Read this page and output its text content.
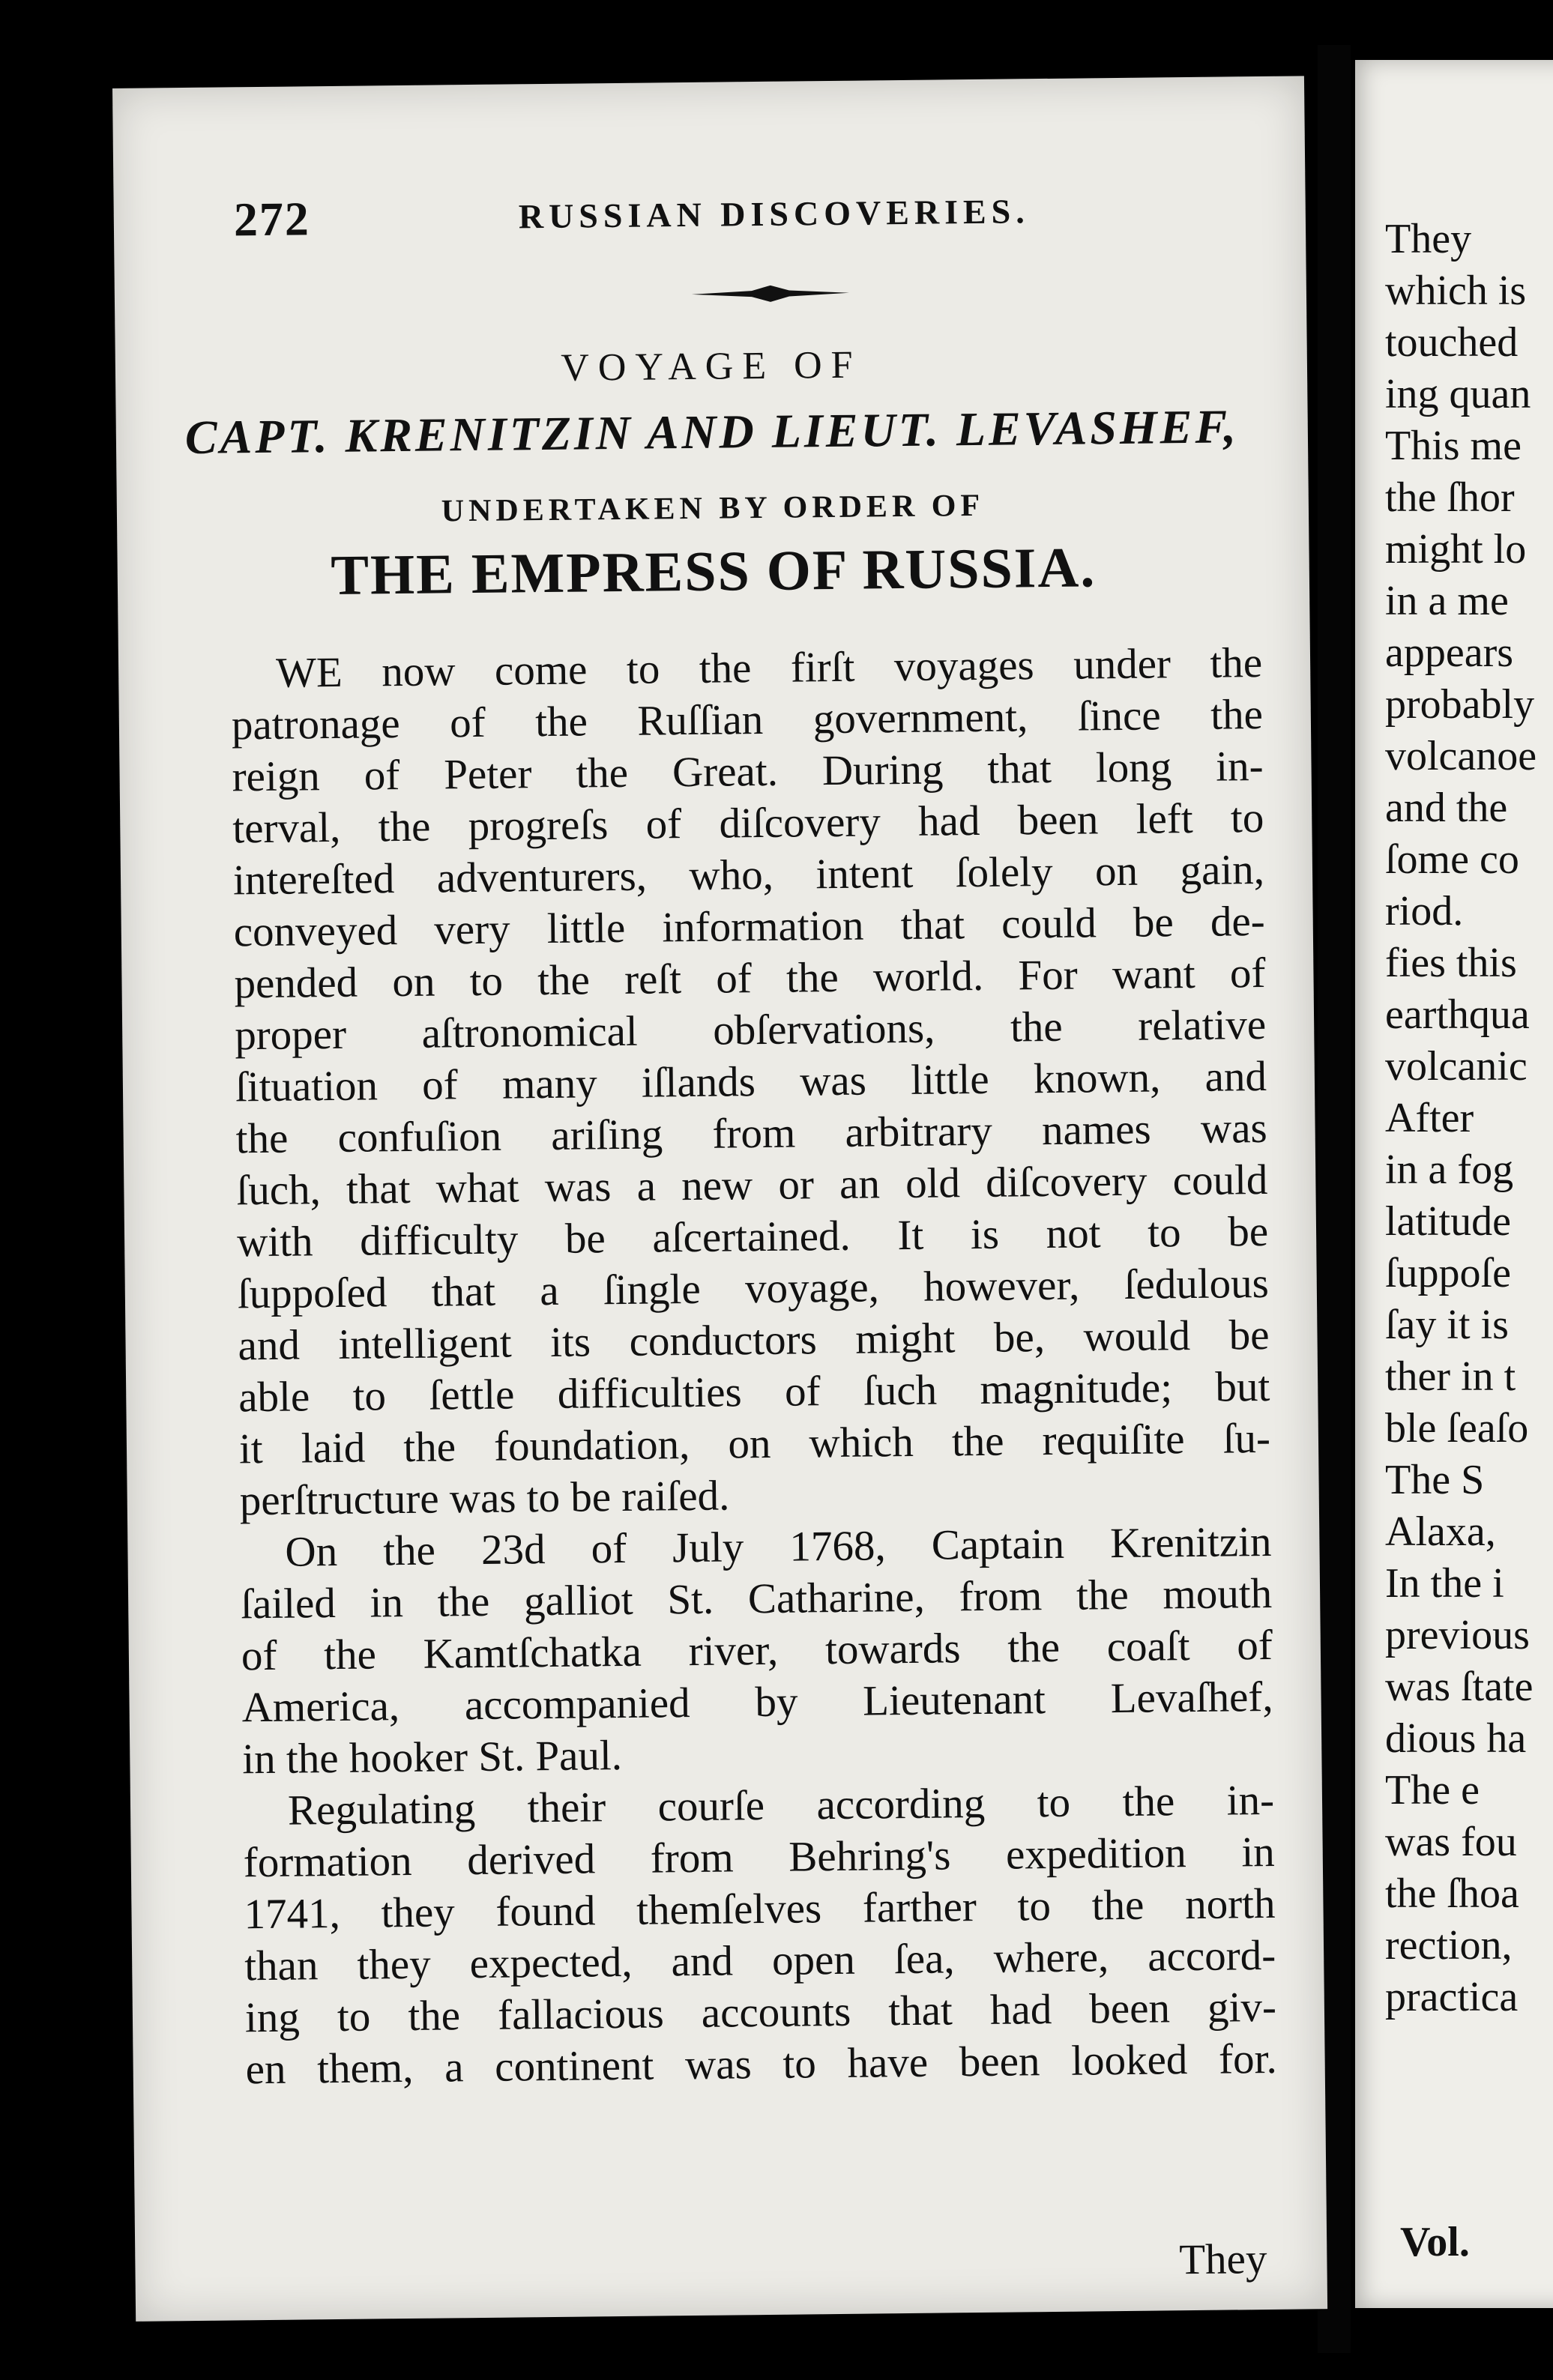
272	RUSSIAN DISCOVERIES.
VOYAGE OF
CAPT. KRENITZIN AND LIEUT. LEVASHEF,
UNDERTAKEN BY ORDER OF
THE EMPRESS OF RUSSIA.
WE now come to the firſt voyages under the
patronage of the Ruſſian government, ſince the
reign of Peter the Great. During that long in-
terval, the progreſs of diſcovery had been left to
intereſted adventurers, who, intent ſolely on gain,
conveyed very little information that could be de-
pended on to the reſt of the world. For want of
proper aſtronomical obſervations, the relative
ſituation of many iſlands was little known, and
the confuſion ariſing from arbitrary names was
ſuch, that what was a new or an old diſcovery could
with difficulty be aſcertained. It is not to be
ſuppoſed that a ſingle voyage, however, ſedulous
and intelligent its conductors might be, would be
able to ſettle difficulties of ſuch magnitude; but
it laid the foundation, on which the requiſite ſu-
perſtructure was to be raiſed.
On the 23d of July 1768, Captain Krenitzin
ſailed in the galliot St. Catharine, from the mouth
of the Kamtſchatka river, towards the coaſt of
America, accompanied by Lieutenant Levaſhef,
in the hooker St. Paul.
Regulating their courſe according to the in-
formation derived from Behring's expedition in
1741, they found themſelves farther to the north
than they expected, and open ſea, where, accord-
ing to the fallacious accounts that had been giv-
en them, a continent was to have been looked for.
They
They
which is
touched
ing quan
This me
the ſhor
might lo
in a me
appears
probably
volcanoe
and the
ſome co
riod.
fies this
earthqua
volcanic
After
in a fog
latitude
ſuppoſe
ſay it is
ther in t
ble ſeaſo
The S
Alaxa,
In the i
previous
was ſtate
dious ha
The e
was fou
the ſhoa
rection,
practica
Vol.
